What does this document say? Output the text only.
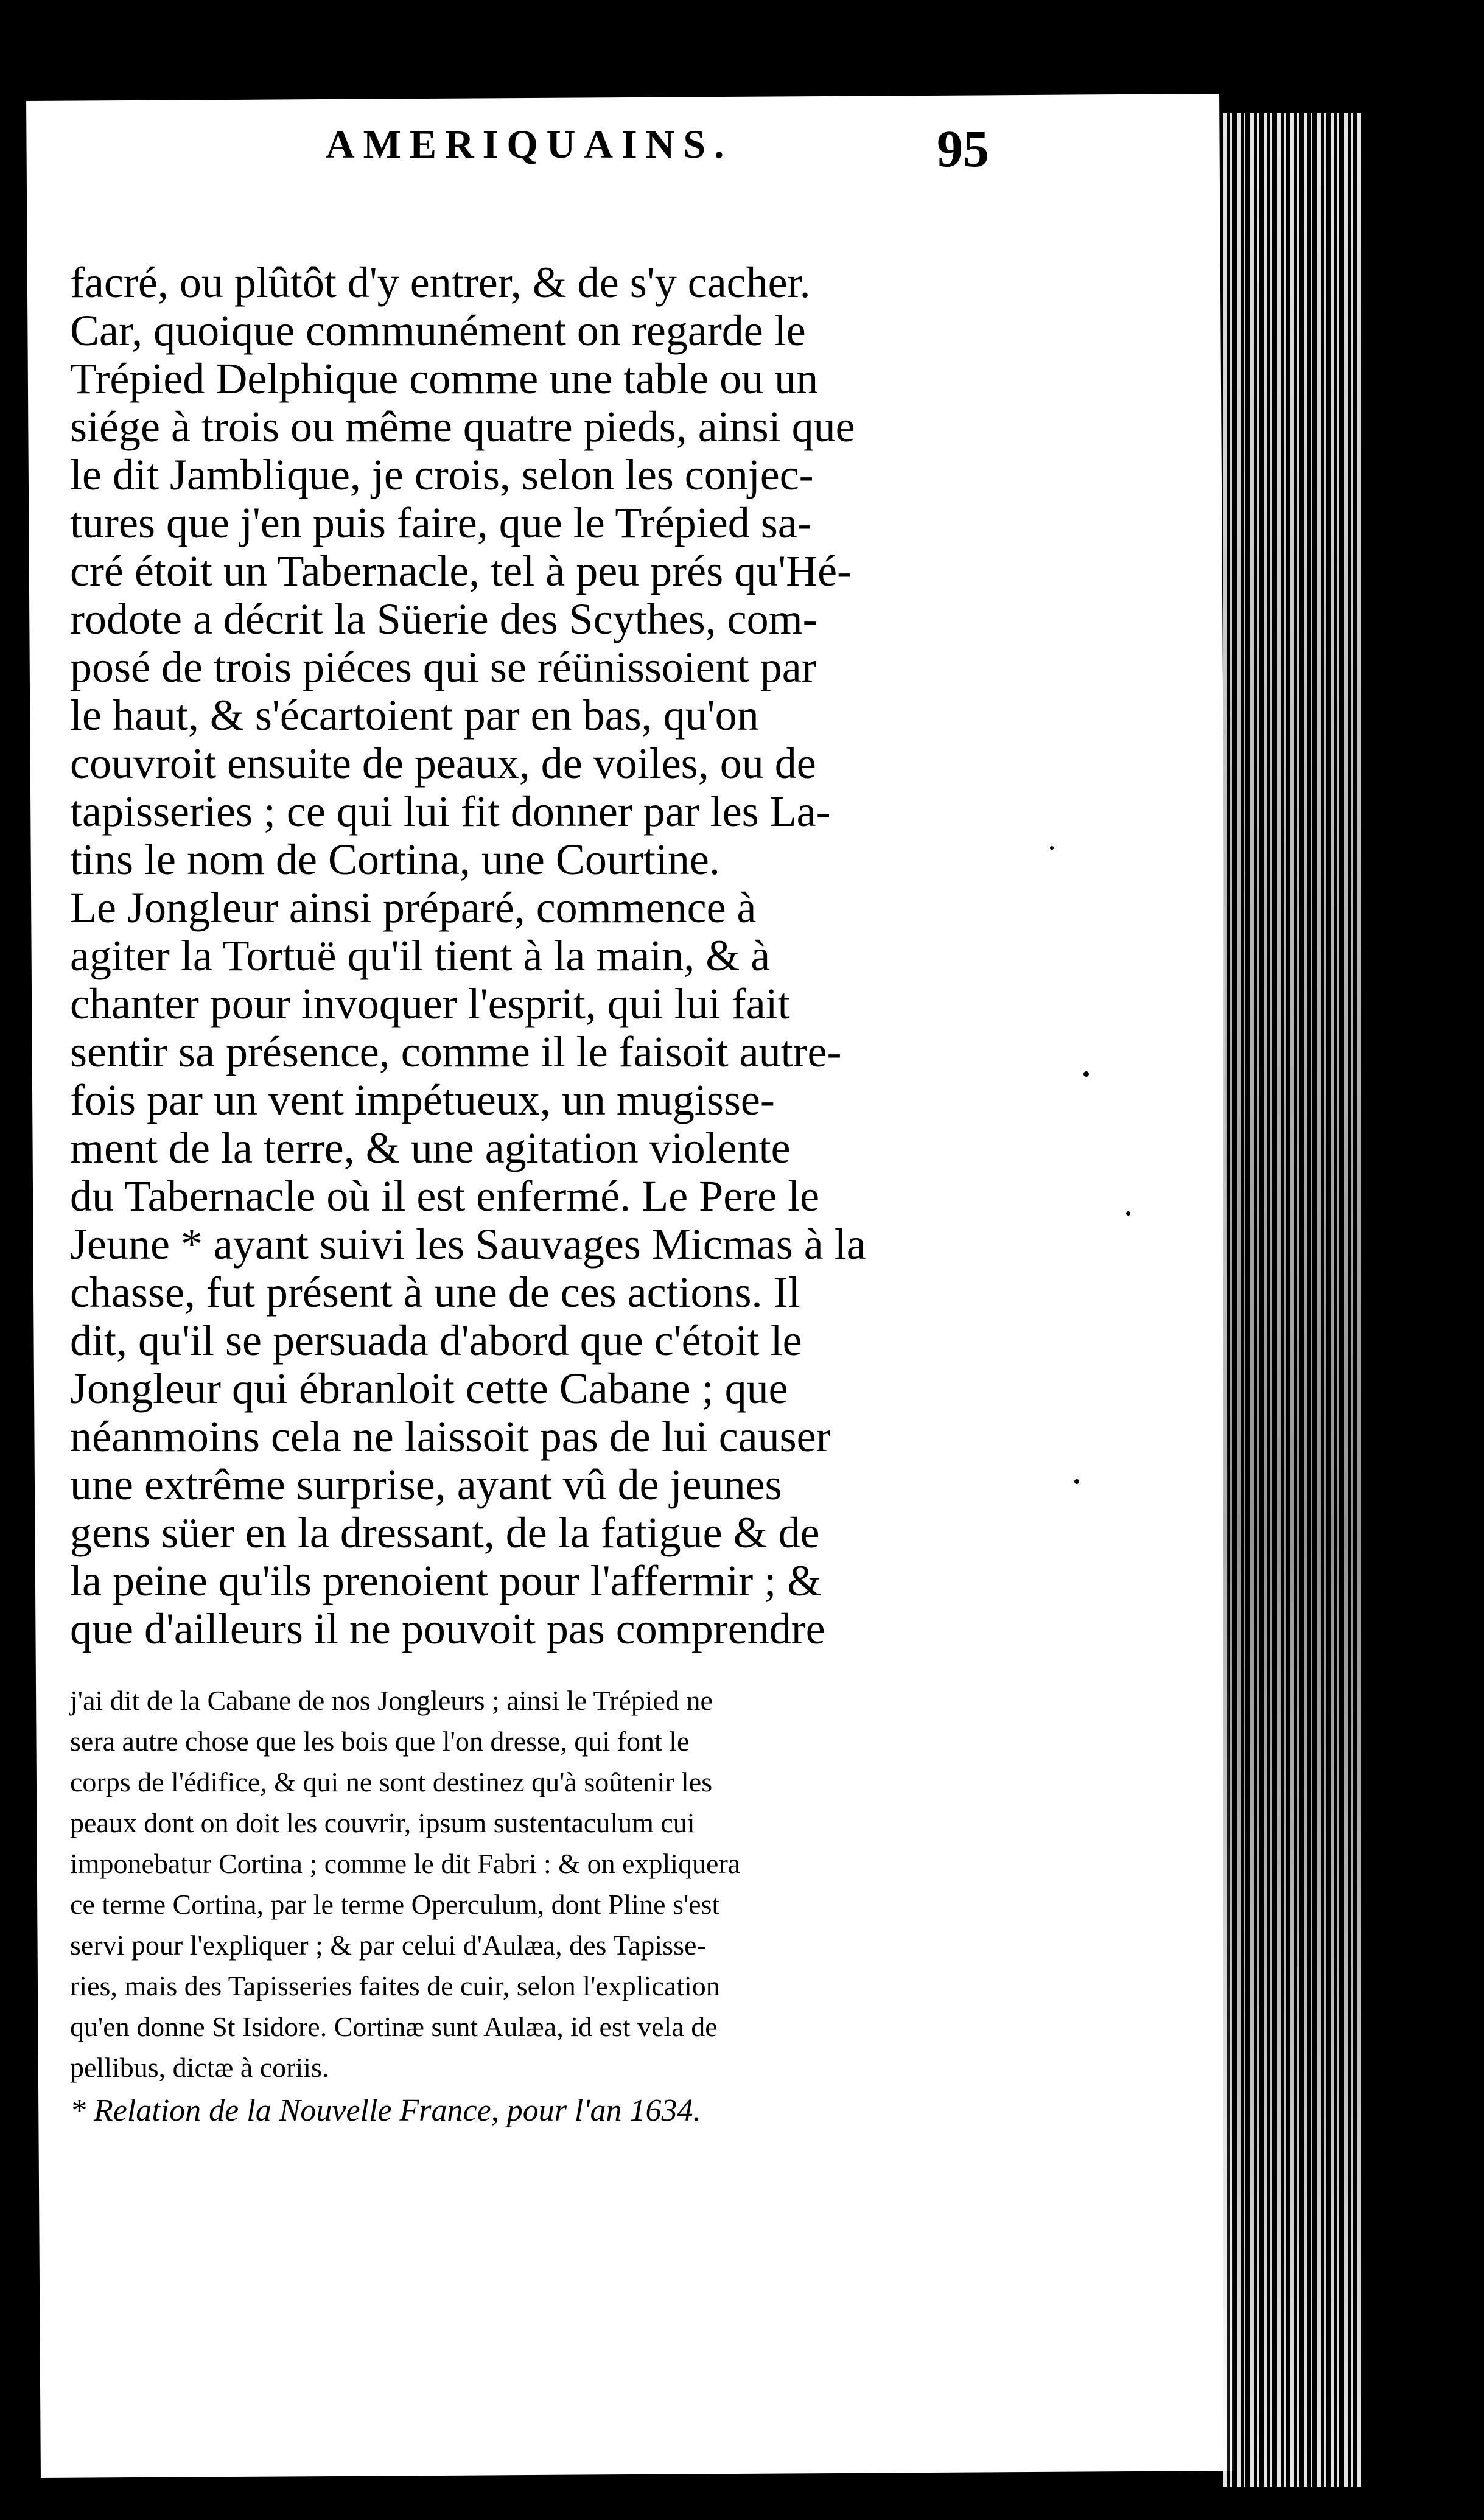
AMERIQUAINS.	95
facré, ou plûtôt d'y entrer, & de s'y cacher.
Car, quoique communément on regarde le
Trépied Delphique comme une table ou un
siége à trois ou même quatre pieds, ainsi que
le dit Jamblique, je crois, selon les conjec-
tures que j'en puis faire, que le Trépied sa-
cré étoit un Tabernacle, tel à peu prés qu'Hé-
rodote a décrit la Süerie des Scythes, com-
posé de trois piéces qui se réünissoient par
le haut, & s'écartoient par en bas, qu'on
couvroit ensuite de peaux, de voiles, ou de
tapisseries ; ce qui lui fit donner par les La-
tins le nom de Cortina, une Courtine.
Le Jongleur ainsi préparé, commence à
agiter la Tortuë qu'il tient à la main, & à
chanter pour invoquer l'esprit, qui lui fait
sentir sa présence, comme il le faisoit autre-
fois par un vent impétueux, un mugisse-
ment de la terre, & une agitation violente
du Tabernacle où il est enfermé. Le Pere le
Jeune * ayant suivi les Sauvages Micmas à la
chasse, fut présent à une de ces actions. Il
dit, qu'il se persuada d'abord que c'étoit le
Jongleur qui ébranloit cette Cabane ; que
néanmoins cela ne laissoit pas de lui causer
une extrême surprise, ayant vû de jeunes
gens süer en la dressant, de la fatigue & de
la peine qu'ils prenoient pour l'affermir ; &
que d'ailleurs il ne pouvoit pas comprendre
j'ai dit de la Cabane de nos Jongleurs ; ainsi le Trépied ne
sera autre chose que les bois que l'on dresse, qui font le
corps de l'édifice, & qui ne sont destinez qu'à soûtenir les
peaux dont on doit les couvrir, ipsum sustentaculum cui
imponebatur Cortina ; comme le dit Fabri : & on expliquera
ce terme Cortina, par le terme Operculum, dont Pline s'est
servi pour l'expliquer ; & par celui d'Aulæa, des Tapisse-
ries, mais des Tapisseries faites de cuir, selon l'explication
qu'en donne St Isidore. Cortinæ sunt Aulæa, id est vela de
pellibus, dictæ à coriis.
* Relation de la Nouvelle France, pour l'an 1634.
